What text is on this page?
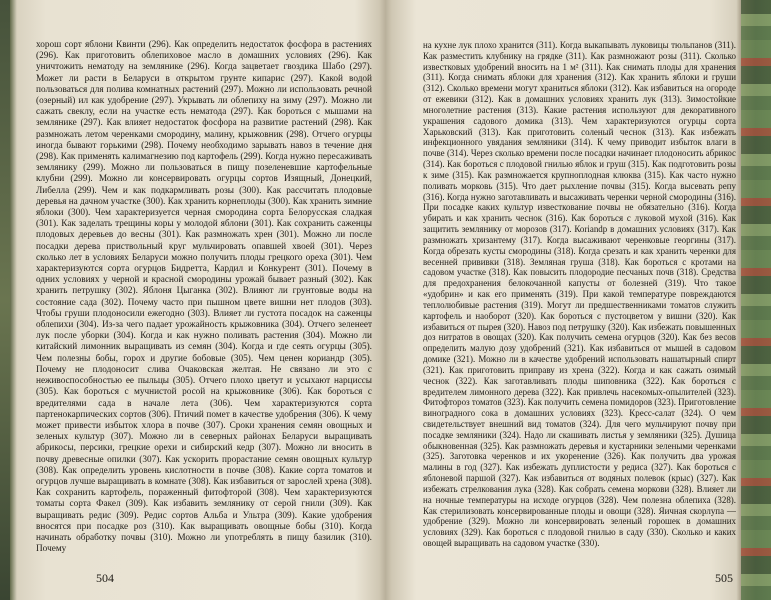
хорош сорт яблони Квинти (296). Как определить недостаток фосфора в растениях (296). Как приготовить облепиховое масло в домашних условиях (296). Как уничтожить нематоду на землянике (296). Когда зацветает гвоздика Шабо (297). Может ли расти в Беларуси в открытом грунте кипарис (297). Какой водой пользоваться для полива комнатных растений (297). Можно ли использовать речной (озерный) ил как удобрение (297). Укрывать ли облепиху на зиму (297). Можно ли сажать свеклу, если на участке есть нематода (297). Как бороться с мышами на землянике (297). Как влияет недостаток фосфора на развитие растений (298). Как размножать летом черенками смородину, малину, крыжовник (298). Отчего огурцы иногда бывают горькими (298). Почему необходимо зарывать навоз в течение дня (298). Как применять калимагнезию под картофель (299). Когда нужно пересаживать землянику (299). Можно ли пользоваться в пищу позеленевшие картофельные клубни (299). Можно ли консервировать огурцы сортов Изящный, Донецкий, Либелла (299). Чем и как подкармливать розы (300). Как рассчитать плодовые деревья на дачном участке (300). Как хранить корнеплоды (300). Как хранить зимние яблоки (300). Чем характеризуется черная смородина сорта Белорусская сладкая (301). Как заделать трещины коры у молодой яблони (301). Как сохранить саженцы плодовых деревьев до весны (301). Как размножать хрен (301). Можно ли после посадки дерева приствольный круг мульчировать опавшей хвоей (301). Через сколько лет в условиях Беларуси можно получить плоды грецкого ореха (301). Чем характеризуются сорта огурцов Бидретта, Кардил и Конкурент (301). Почему в одних условиях у черной и красной смородины урожай бывает разный (302). Как хранить петрушку (302). Яблоня Цыганка (302). Влияют ли грунтовые воды на состояние сада (302). Почему часто при пышном цвете вишни нет плодов (303). Чтобы груши плодоносили ежегодно (303). Влияет ли густота посадок на саженцы облепихи (304). Из-за чего падает урожайность крыжовника (304). Отчего зеленеет лук после уборки (304). Когда и как нужно поливать растения (304). Можно ли китайский лимонник выращивать из семян (304). Когда и где сеять огурцы (305). Чем полезны бобы, горох и другие бобовые (305). Чем ценен кориандр (305). Почему не плодоносит слива Очаковская желтая. Не связано ли это с неживоспособностью ее пыльцы (305). Отчего плохо цветут и усыхают нарциссы (305). Как бороться с мучнистой росой на крыжовнике (306). Как бороться с вредителями сада в начале лета (306). Чем характеризуются сорта партенокарпических сортов (306). Птичий помет в качестве удобрения (306). К чему может привести избыток хлора в почве (307). Сроки хранения семян овощных и зеленых культур (307). Можно ли в северных районах Беларуси выращивать абрикосы, персики, грецкие орехи и сибирский кедр (307). Можно ли вносить в почву древесные опилки (307). Как ускорить прорастание семян овощных культур (308). Как определить уровень кислотности в почве (308). Какие сорта томатов и огурцов лучше выращивать в комнате (308). Как избавиться от зарослей хрена (308). Как сохранить картофель, пораженный фитофторой (308). Чем характеризуются томаты сорта Факел (309). Как избавить землянику от серой гнили (309). Как выращивать редис (309). Редис сортов Альба и Ультра (309). Какие удобрения вносятся при посадке роз (310). Как выращивать овощные бобы (310). Когда начинать обработку почвы (310). Можно ли употреблять в пищу базилик (310). Почему

504

на кухне лук плохо хранится (311). Когда выкапывать луковицы тюльпанов (311). Как разместить клубнику на грядке (311). Как размножают розы (311). Сколько известковых удобрений вносить на 1 м² (311). Как снимать плоды для хранения (311). Когда снимать яблоки для хранения (312). Как хранить яблоки и груши (312). Сколько времени могут храниться яблоки (312). Как избавиться на огороде от ежевики (312). Как в домашних условиях хранить лук (313). Зимостойкие многолетние растения (313). Какие растения используют для декоративного украшения садового домика (313). Чем характеризуются огурцы сорта Харьковский (313). Как приготовить соленый чеснок (313). Как избежать инфекционного увядания земляники (314). К чему приводит избыток влаги в почве (314). Через сколько времени после посадки начинает плодоносить абрикос (314). Как бороться с плодовой гнилью яблок и груш (315). Как подготовить розы к зиме (315). Как размножается крупноплодная клюква (315). Как часто нужно поливать морковь (315). Что дает рыхление почвы (315). Когда высевать репу (316). Когда нужно заготавливать и высаживать черенки черной смородины (316). При посадке каких культур известкование почвы не обязательно (316). Когда убирать и как хранить чеснок (316). Как бороться с луковой мухой (316). Как защитить землянику от морозов (317). Коriandр в домашних условиях (317). Как размножать хризантему (317). Когда высаживают черенковые георгины (317). Когда обрезать кусты смородины (318). Когда срезать и как хранить черенки для весенней прививки (318). Земляная груша (318). Как бороться с кротами на садовом участке (318). Как повысить плодородие песчаных почв (318). Средства для предохранения белокочанной капусты от болезней (319). Что такое «удобрин» и как его применять (319). При какой температуре повреждаются теплолюбивые растения (319). Могут ли предшественниками томатов служить картофель и наоборот (320). Как бороться с пустоцветом у вишни (320). Как избавиться от пырея (320). Навоз под петрушку (320). Как избежать повышенных доз нитратов в овощах (320). Как получить семена огурцов (320). Как без весов определить малую дозу удобрений (321). Как избавиться от мышей в садовом домике (321). Можно ли в качестве удобрений использовать нашатырный спирт (321). Как приготовить приправу из хрена (322). Когда и как сажать озимый чеснок (322). Как заготавливать плоды шиповника (322). Как бороться с вредителем лимонного дерева (322). Как привлечь насекомых-опылителей (323). Фитофтороз томатов (323). Как получить семена помидоров (323). Приготовление виноградного сока в домашних условиях (323). Кресс-салат (324). О чем свидетельствует внешний вид томатов (324). Для чего мульчируют почву при посадке земляники (324). Надо ли скашивать листья у земляники (325). Душица обыкновенная (325). Как размножать деревья и кустарники зелеными черенками (325). Заготовка черенков и их укоренение (326). Как получить два урожая малины в год (327). Как избежать дуплистости у редиса (327). Как бороться с яблоневой паршой (327). Как избавиться от водяных полевок (крыс) (327). Как избежать стрелкования лука (328). Как собрать семена моркови (328). Влияет ли на ночные температуры на исходе огурцов (328). Чем полезна облепиха (328). Как стерилизовать консервированные плоды и овощи (328). Яичная скорлупа — удобрение (329). Можно ли консервировать зеленый горошек в домашних условиях (329). Как бороться с плодовой гнилью в саду (330). Сколько и каких овощей выращивать на садовом участке (330).

505
